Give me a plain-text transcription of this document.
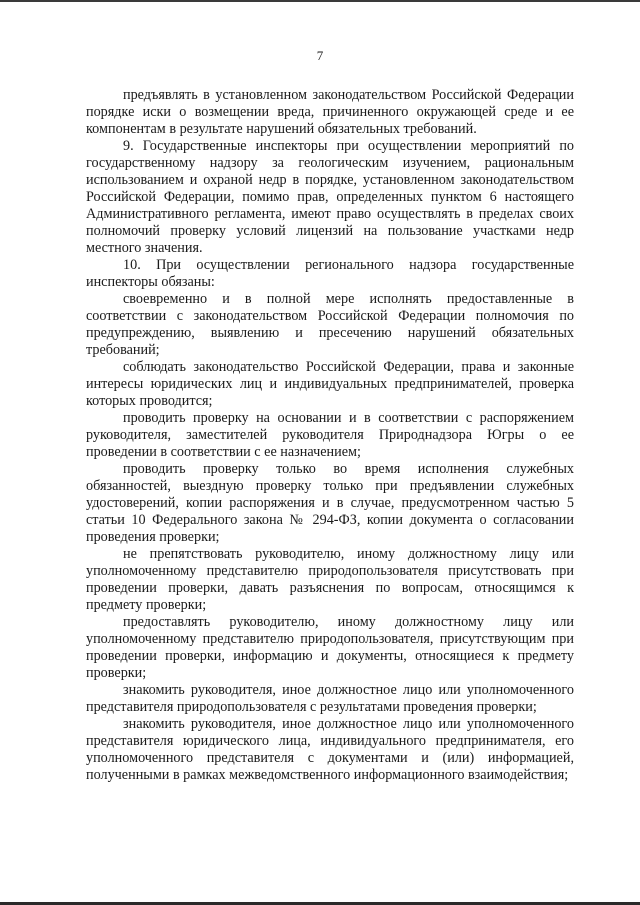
7

предъявлять в установленном законодательством Российской Федерации порядке иски о возмещении вреда, причиненного окружающей среде и ее компонентам в результате нарушений обязательных требований.

9. Государственные инспекторы при осуществлении мероприятий по государственному надзору за геологическим изучением, рациональным использованием и охраной недр в порядке, установленном законодательством Российской Федерации, помимо прав, определенных пунктом 6 настоящего Административного регламента, имеют право осуществлять в пределах своих полномочий проверку условий лицензий на пользование участками недр местного значения.

10. При осуществлении регионального надзора государственные инспекторы обязаны:

своевременно и в полной мере исполнять предоставленные в соответствии с законодательством Российской Федерации полномочия по предупреждению, выявлению и пресечению нарушений обязательных требований;

соблюдать законодательство Российской Федерации, права и законные интересы юридических лиц и индивидуальных предпринимателей, проверка которых проводится;

проводить проверку на основании и в соответствии с распоряжением руководителя, заместителей руководителя Природнадзора Югры о ее проведении в соответствии с ее назначением;

проводить проверку только во время исполнения служебных обязанностей, выездную проверку только при предъявлении служебных удостоверений, копии распоряжения и в случае, предусмотренном частью 5 статьи 10 Федерального закона № 294-ФЗ, копии документа о согласовании проведения проверки;

не препятствовать руководителю, иному должностному лицу или уполномоченному представителю природопользователя присутствовать при проведении проверки, давать разъяснения по вопросам, относящимся к предмету проверки;

предоставлять руководителю, иному должностному лицу или уполномоченному представителю природопользователя, присутствующим при проведении проверки, информацию и документы, относящиеся к предмету проверки;

знакомить руководителя, иное должностное лицо или уполномоченного представителя природопользователя с результатами проведения проверки;

знакомить руководителя, иное должностное лицо или уполномоченного представителя юридического лица, индивидуального предпринимателя, его уполномоченного представителя с документами и (или) информацией, полученными в рамках межведомственного информационного взаимодействия;
